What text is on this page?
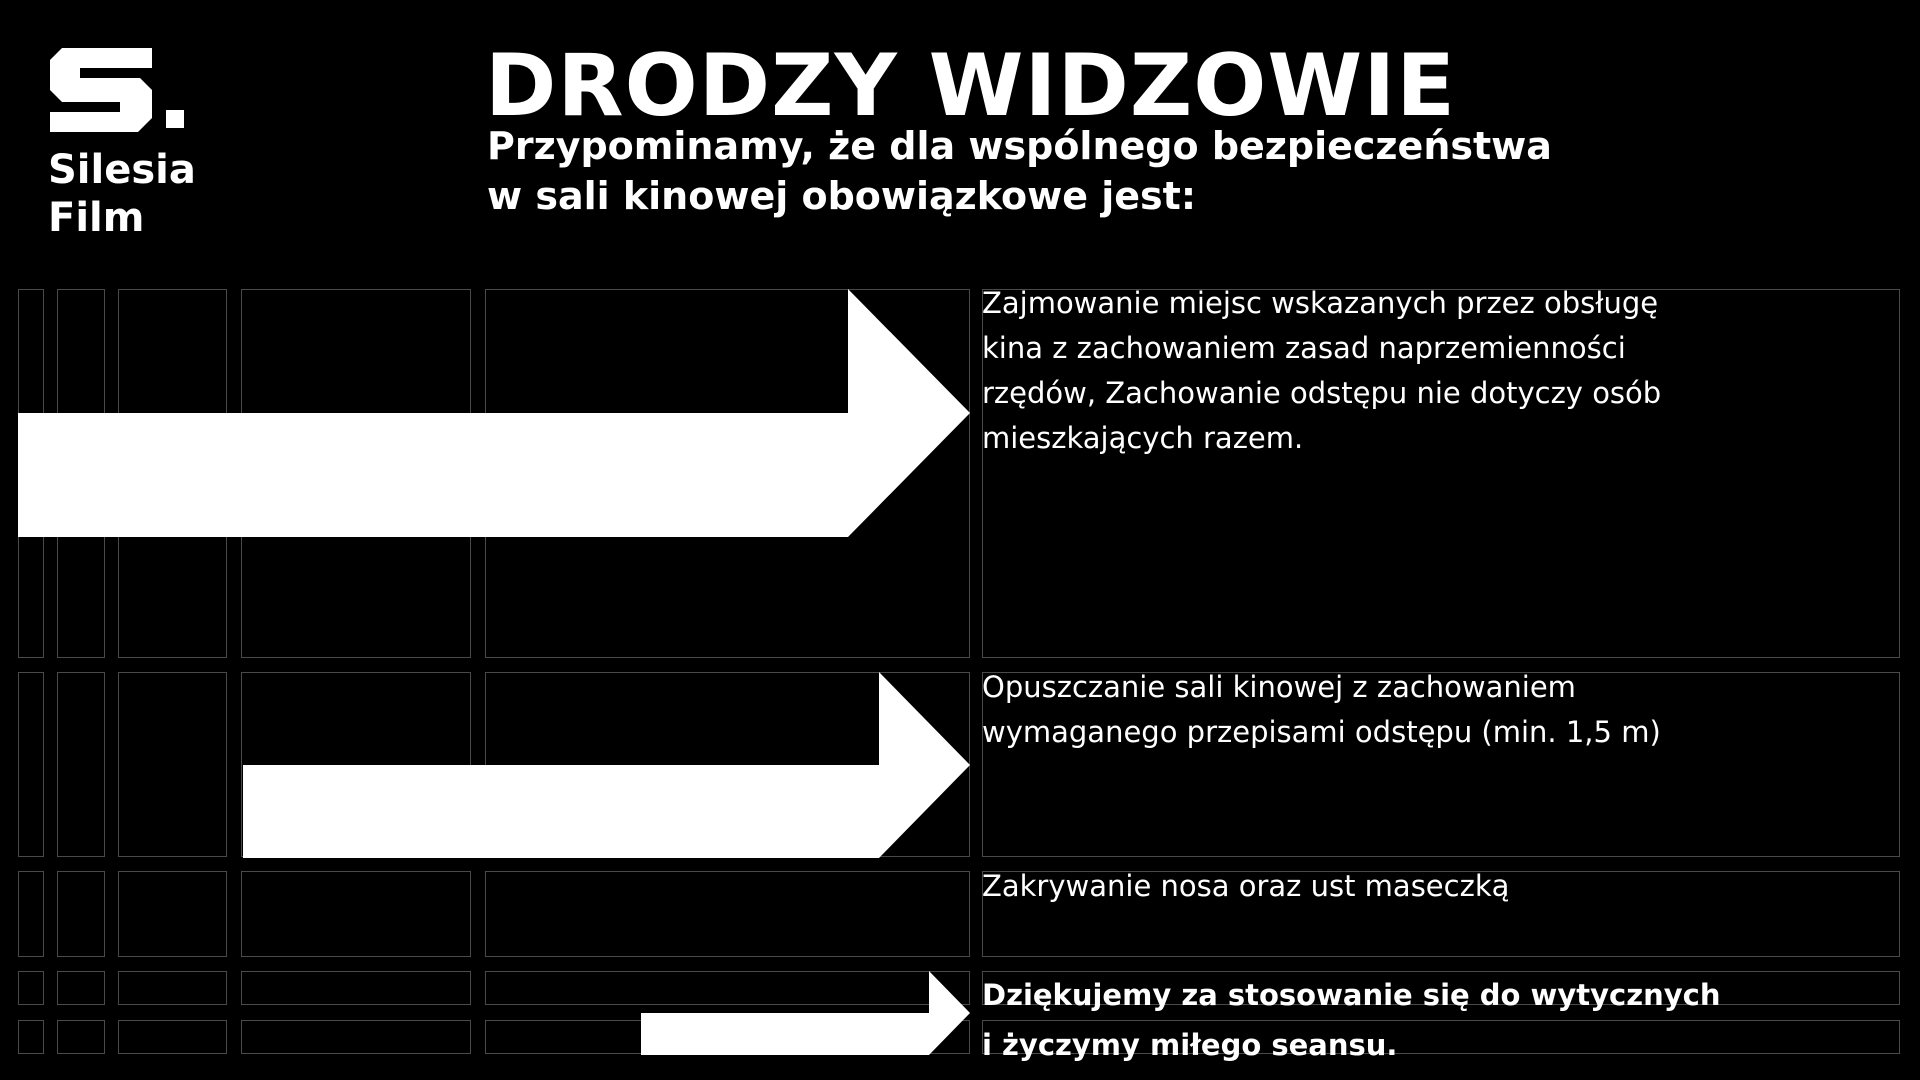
Silesia
Film
DRODZY WIDZOWIE
Przypominamy, że dla wspólnego bezpieczeństwa
w sali kinowej obowiązkowe jest:
Zajmowanie miejsc wskazanych przez obsługę
kina z zachowaniem zasad naprzemienności
rzędów, Zachowanie odstępu nie dotyczy osób
mieszkających razem.
Opuszczanie sali kinowej z zachowaniem
wymaganego przepisami odstępu (min. 1,5 m)
Zakrywanie nosa oraz ust maseczką
Dziękujemy za stosowanie się do wytycznych
i życzymy miłego seansu.
